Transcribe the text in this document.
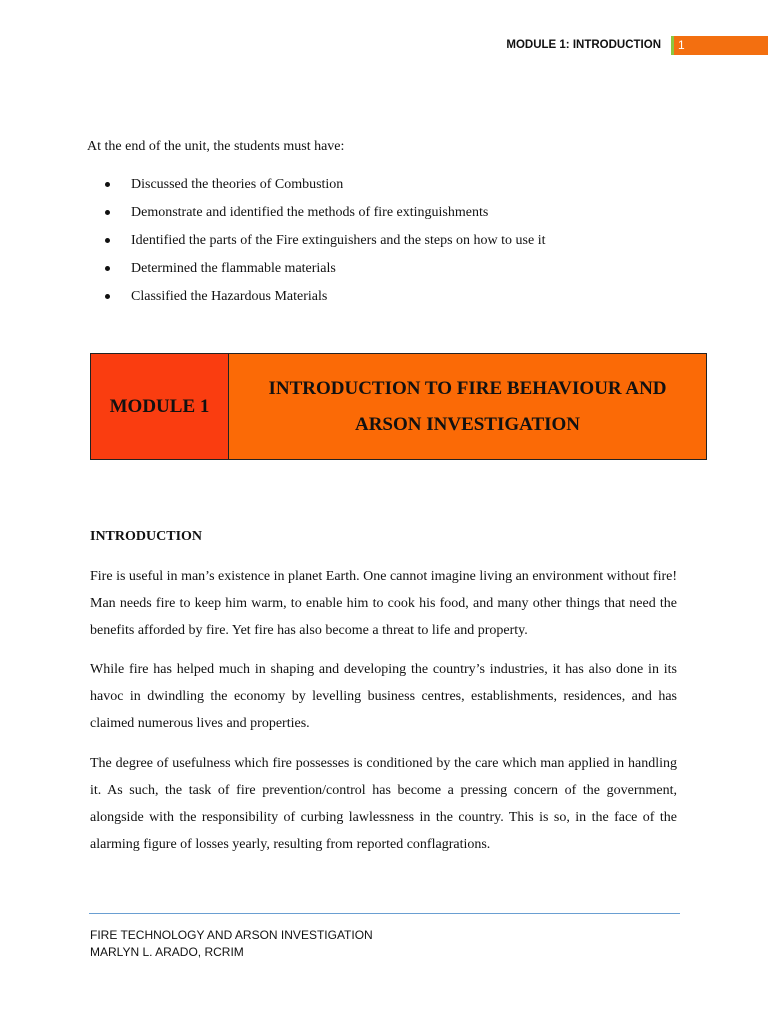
MODULE 1: INTRODUCTION	1
At the end of the unit, the students must have:
Discussed the theories of Combustion
Demonstrate and identified the methods of fire extinguishments
Identified the parts of the Fire extinguishers and the steps on how to use it
Determined the flammable materials
Classified the Hazardous Materials
MODULE 1
INTRODUCTION TO FIRE BEHAVIOUR AND ARSON INVESTIGATION
INTRODUCTION

Fire is useful in man’s existence in planet Earth. One cannot imagine living an environment without fire! Man needs fire to keep him warm, to enable him to cook his food, and many other things that need the benefits afforded by fire. Yet fire has also become a threat to life and property.

While fire has helped much in shaping and developing the country’s industries, it has also done in its havoc in dwindling the economy by levelling business centres, establishments, residences, and has claimed numerous lives and properties.

The degree of usefulness which fire possesses is conditioned by the care which man applied in handling it. As such, the task of fire prevention/control has become a pressing concern of the government, alongside with the responsibility of curbing lawlessness in the country. This is so, in the face of the alarming figure of losses yearly, resulting from reported conflagrations.

FIRE TECHNOLOGY AND ARSON INVESTIGATION
MARLYN L. ARADO, RCRIM
